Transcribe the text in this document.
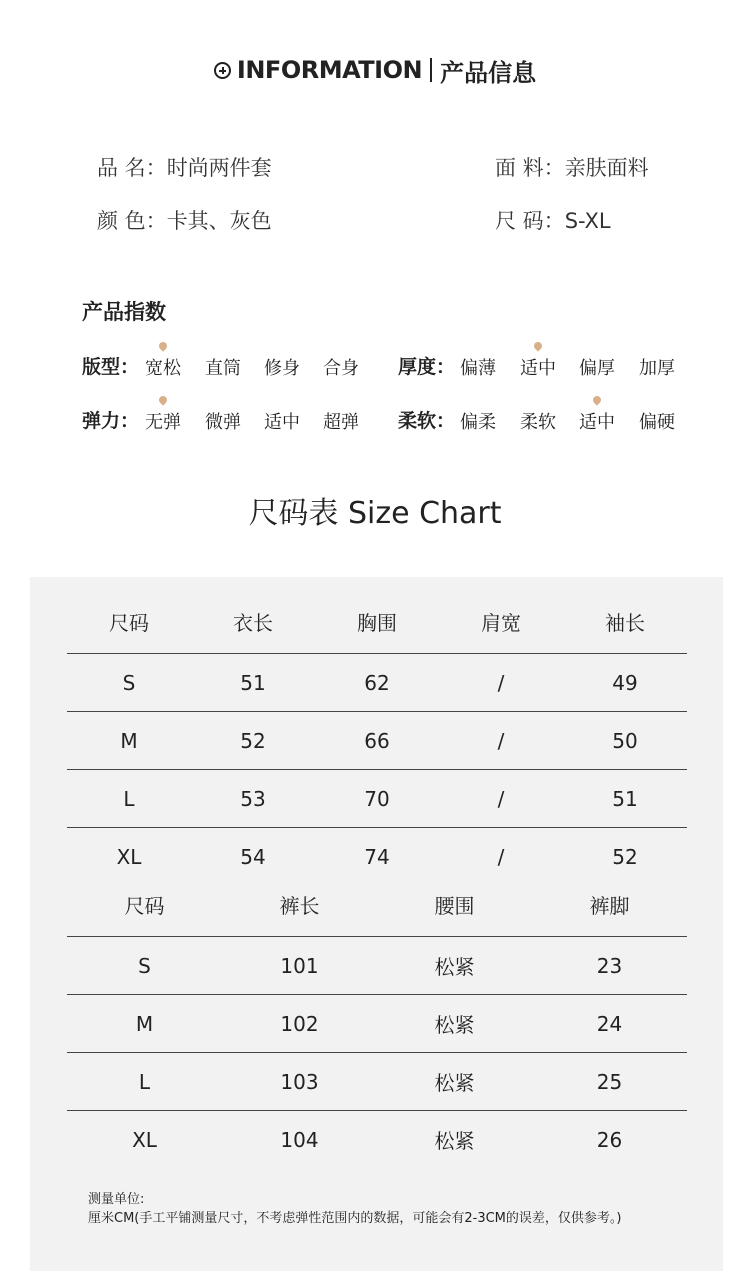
INFORMATION 产品信息
品 名：时尚两件套	面 料：亲肤面料
颜 色：卡其、灰色	尺 码：S-XL
产品指数
版型： 宽松 直筒 修身 合身 厚度： 偏薄 适中 偏厚 加厚
弹力： 无弹 微弹 适中 超弹 柔软： 偏柔 柔软 适中 偏硬
尺码表 Size Chart
尺码	衣长	胸围	肩宽	袖长
S	51	62	/	49
M	52	66	/	50
L	53	70	/	51
XL	54	74	/	52
尺码	裤长	腰围	裤脚
S	101	松紧	23
M	102	松紧	24
L	103	松紧	25
XL	104	松紧	26
测量单位:
厘米CM(手工平铺测量尺寸，不考虑弹性范围内的数据，可能会有2-3CM的误差，仅供参考。)
